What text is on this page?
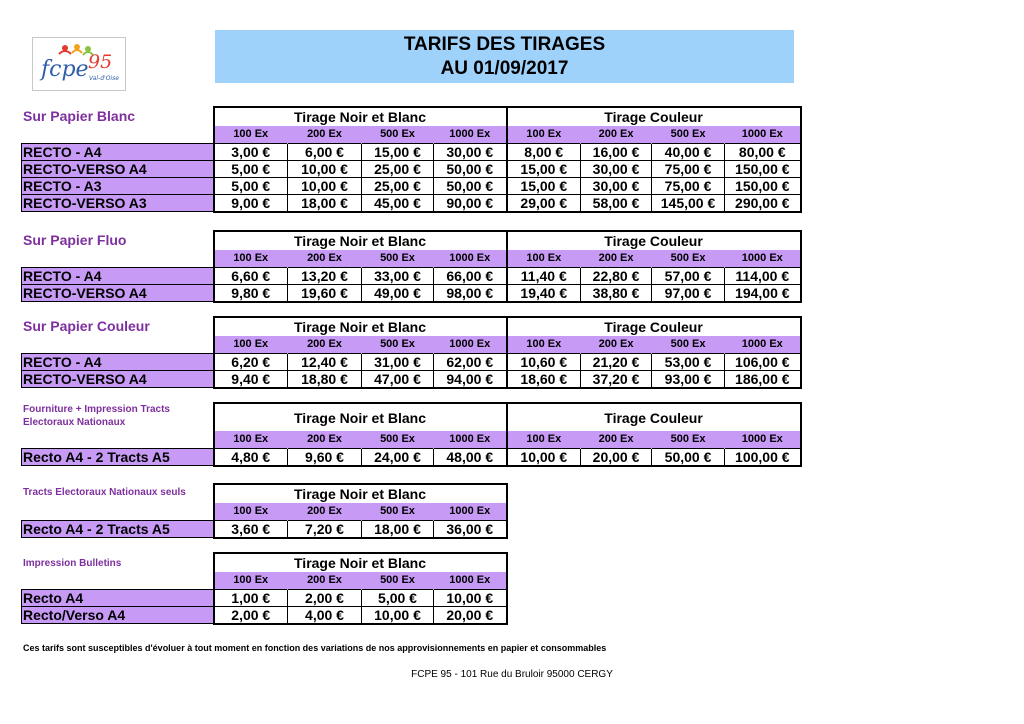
fcpe 95
Val-d'Oise
TARIFS DES TIRAGES
AU 01/09/2017
Sur Papier Blanc
Sur Papier Fluo
Sur Papier Couleur
Fourniture + Impression Tracts
Electoraux Nationaux
Tracts Electoraux Nationaux seuls
Impression Bulletins
	Tirage Noir et Blanc				Tirage Couleur			
	100 Ex	200 Ex	500 Ex	1000 Ex	100 Ex	200 Ex	500 Ex	1000 Ex
RECTO - A4	3,00 €	6,00 €	15,00 €	30,00 €	8,00 €	16,00 €	40,00 €	80,00 €
RECTO-VERSO A4	5,00 €	10,00 €	25,00 €	50,00 €	15,00 €	30,00 €	75,00 €	150,00 €
RECTO - A3	5,00 €	10,00 €	25,00 €	50,00 €	15,00 €	30,00 €	75,00 €	150,00 €
RECTO-VERSO A3	9,00 €	18,00 €	45,00 €	90,00 €	29,00 €	58,00 €	145,00 €	290,00 €
	Tirage Noir et Blanc				Tirage Couleur			
	100 Ex	200 Ex	500 Ex	1000 Ex	100 Ex	200 Ex	500 Ex	1000 Ex
RECTO - A4	6,60 €	13,20 €	33,00 €	66,00 €	11,40 €	22,80 €	57,00 €	114,00 €
RECTO-VERSO A4	9,80 €	19,60 €	49,00 €	98,00 €	19,40 €	38,80 €	97,00 €	194,00 €
	Tirage Noir et Blanc				Tirage Couleur			
	100 Ex	200 Ex	500 Ex	1000 Ex	100 Ex	200 Ex	500 Ex	1000 Ex
RECTO - A4	6,20 €	12,40 €	31,00 €	62,00 €	10,60 €	21,20 €	53,00 €	106,00 €
RECTO-VERSO A4	9,40 €	18,80 €	47,00 €	94,00 €	18,60 €	37,20 €	93,00 €	186,00 €
	Tirage Noir et Blanc				Tirage Couleur			
	100 Ex	200 Ex	500 Ex	1000 Ex	100 Ex	200 Ex	500 Ex	1000 Ex
Recto A4 - 2 Tracts A5	4,80 €	9,60 €	24,00 €	48,00 €	10,00 €	20,00 €	50,00 €	100,00 €
	Tirage Noir et Blanc			
	100 Ex	200 Ex	500 Ex	1000 Ex
Recto A4 - 2 Tracts A5	3,60 €	7,20 €	18,00 €	36,00 €
	Tirage Noir et Blanc			
	100 Ex	200 Ex	500 Ex	1000 Ex
Recto A4	1,00 €	2,00 €	5,00 €	10,00 €
Recto/Verso A4	2,00 €	4,00 €	10,00 €	20,00 €
Ces tarifs sont susceptibles d'évoluer à tout moment en fonction des variations de nos approvisionnements en papier et consommables
FCPE 95 - 101 Rue du Bruloir 95000 CERGY
